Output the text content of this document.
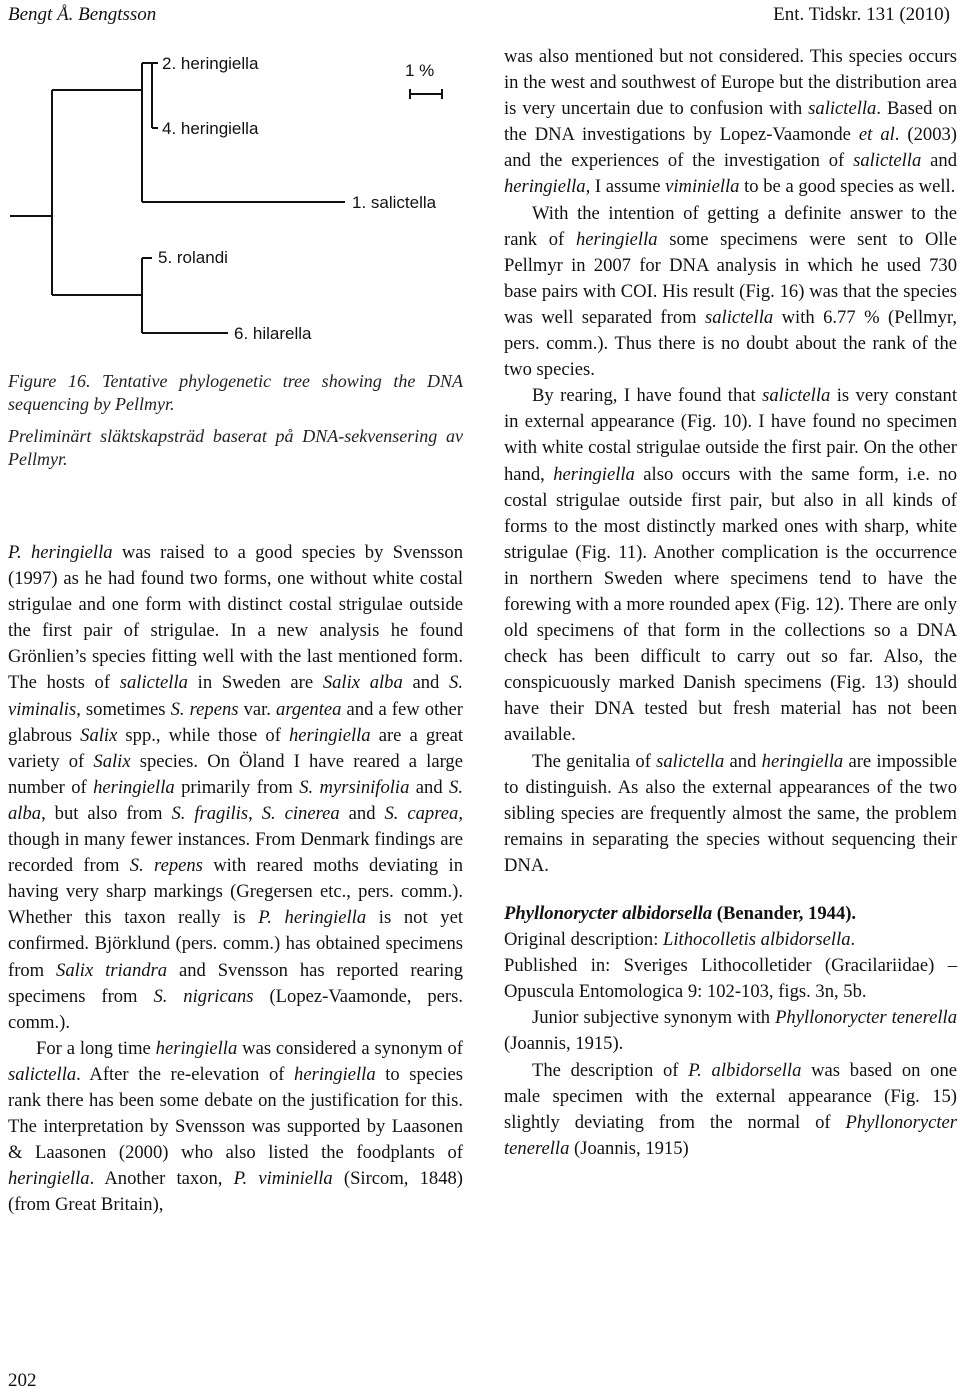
Bengt Å. Bengtsson	Ent. Tidskr. 131 (2010)
1 %
2. heringiella
4. heringiella
1. salictella
5. rolandi
6. hilarella
Figure 16. Tentative phylogenetic tree showing the DNA sequencing by Pellmyr.
Preliminärt släktskapsträd baserat på DNA-sekvensering av Pellmyr.

P. heringiella was raised to a good species by Svensson (1997) as he had found two forms, one without white costal strigulae and one form with distinct costal strigulae outside the first pair of strigulae. In a new analysis he found Grönlien’s species fitting well with the last mentioned form. The hosts of salictella in Sweden are Salix alba and S. viminalis, sometimes S. repens var. argentea and a few other glabrous Salix spp., while those of heringiella are a great variety of Salix species. On Öland I have reared a large number of heringiella primarily from S. myrsinifolia and S. alba, but also from S. fragilis, S. cinerea and S. caprea, though in many fewer instances. From Denmark findings are recorded from S. repens with reared moths deviating in having very sharp markings (Gregersen etc., pers. comm.). Whether this taxon really is P. heringiella is not yet confirmed. Björklund (pers. comm.) has obtained specimens from Salix triandra and Svensson has reported rearing specimens from S. nigricans (Lopez-Vaamonde, pers. comm.).

For a long time heringiella was considered a synonym of salictella. After the re-elevation of heringiella to species rank there has been some debate on the justification for this. The interpretation by Svensson was supported by Laasonen & Laasonen (2000) who also listed the foodplants of heringiella. Another taxon, P. viminiella (Sircom, 1848) (from Great Britain),

was also mentioned but not considered. This species occurs in the west and southwest of Europe but the distribution area is very uncertain due to confusion with salictella. Based on the DNA investigations by Lopez-Vaamonde et al. (2003) and the experiences of the investigation of salictella and heringiella, I assume viminiella to be a good species as well.

With the intention of getting a definite answer to the rank of heringiella some specimens were sent to Olle Pellmyr in 2007 for DNA analysis in which he used 730 base pairs with COI. His result (Fig. 16) was that the species was well separated from salictella with 6.77 % (Pellmyr, pers. comm.). Thus there is no doubt about the rank of the two species.

By rearing, I have found that salictella is very constant in external appearance (Fig. 10). I have found no specimen with white costal strigulae outside the first pair. On the other hand, heringiella also occurs with the same form, i.e. no costal strigulae outside first pair, but also in all kinds of forms to the most distinctly marked ones with sharp, white strigulae (Fig. 11). Another complication is the occurrence in northern Sweden where specimens tend to have the forewing with a more rounded apex (Fig. 12). There are only old specimens of that form in the collections so a DNA check has been difficult to carry out so far. Also, the conspicuously marked Danish specimens (Fig. 13) should have their DNA tested but fresh material has not been available.

The genitalia of salictella and heringiella are impossible to distinguish. As also the external appearances of the two sibling species are frequently almost the same, the problem remains in separating the species without sequencing their DNA.

Phyllonorycter albidorsella (Benander, 1944).

Original description: Lithocolletis albidorsella.

Published in: Sveriges Lithocolletider (Gracilariidae) – Opuscula Entomologica 9: 102-103, figs. 3n, 5b.

Junior subjective synonym with Phyllonorycter tenerella (Joannis, 1915).

The description of P. albidorsella was based on one male specimen with the external appearance (Fig. 15) slightly deviating from the normal of Phyllonorycter tenerella (Joannis, 1915)

202
